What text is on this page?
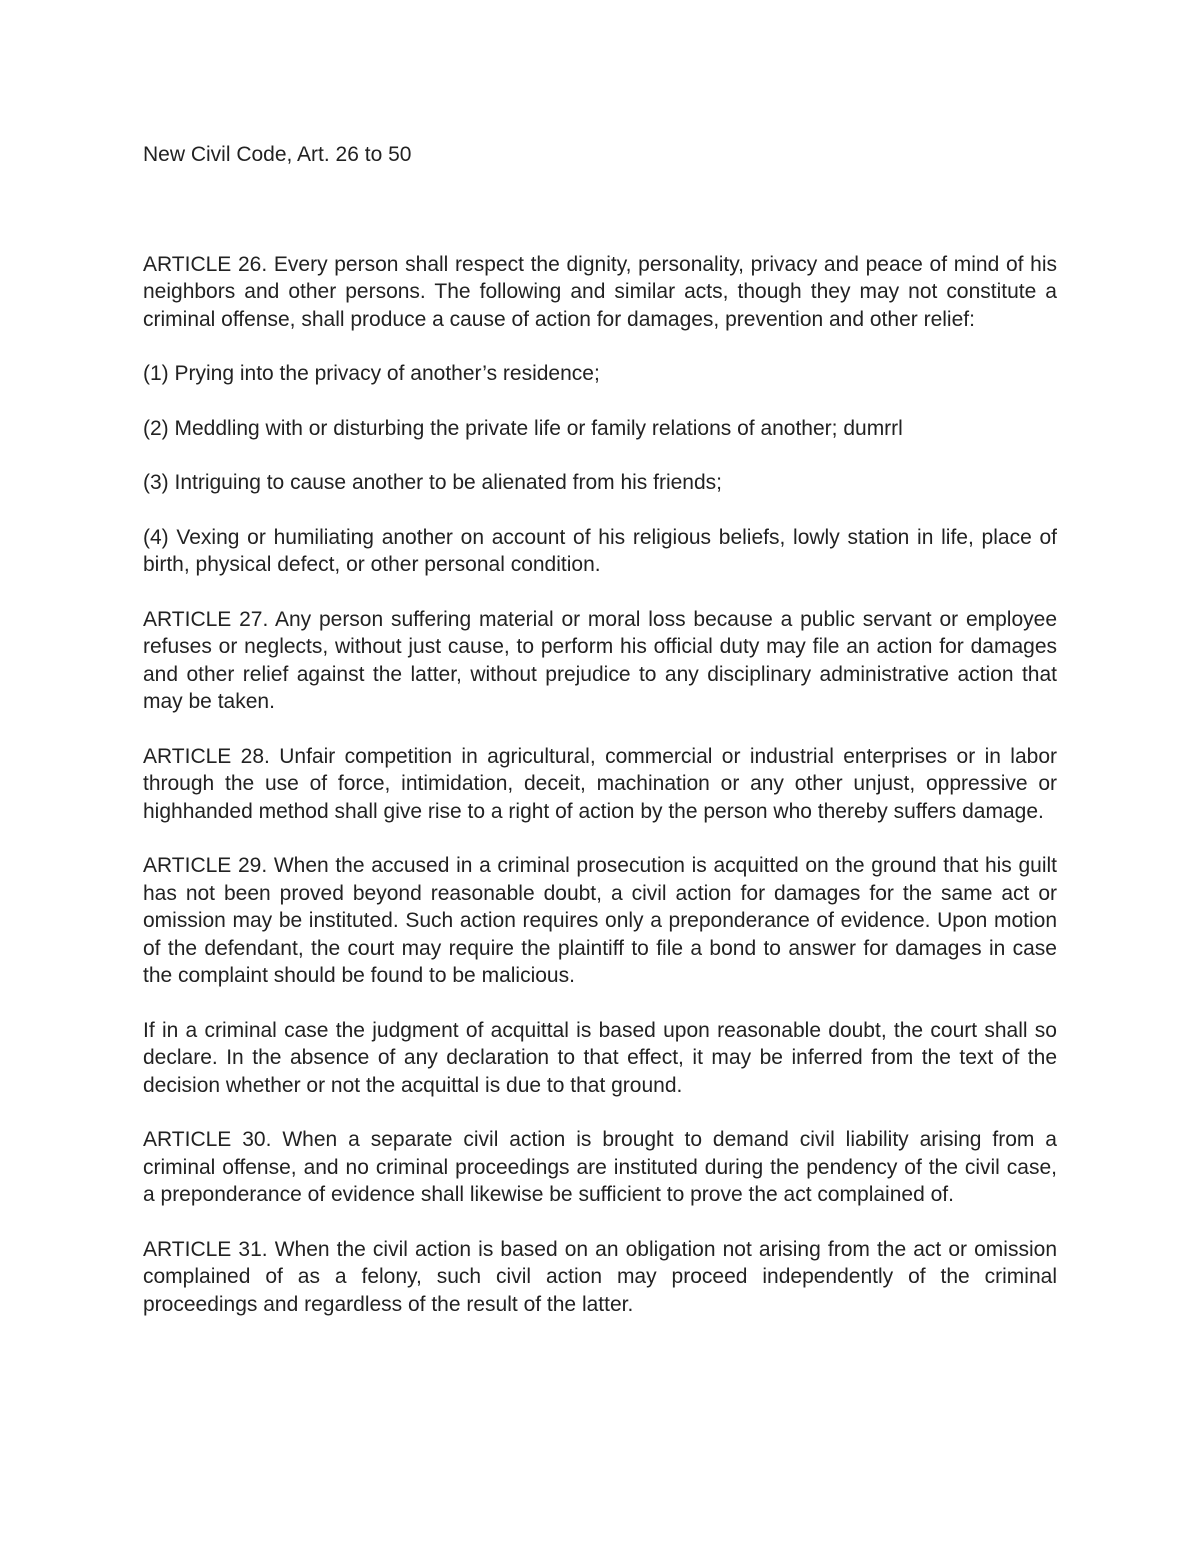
New Civil Code, Art. 26 to 50

ARTICLE 26. Every person shall respect the dignity, personality, privacy and peace of mind of his neighbors and other persons. The following and similar acts, though they may not constitute a criminal offense, shall produce a cause of action for damages, prevention and other relief:

(1) Prying into the privacy of another’s residence;

(2) Meddling with or disturbing the private life or family relations of another; dumrrl

(3) Intriguing to cause another to be alienated from his friends;

(4) Vexing or humiliating another on account of his religious beliefs, lowly station in life, place of birth, physical defect, or other personal condition.

ARTICLE 27. Any person suffering material or moral loss because a public servant or employee refuses or neglects, without just cause, to perform his official duty may file an action for damages and other relief against the latter, without prejudice to any disciplinary administrative action that may be taken.

ARTICLE 28. Unfair competition in agricultural, commercial or industrial enterprises or in labor through the use of force, intimidation, deceit, machination or any other unjust, oppressive or highhanded method shall give rise to a right of action by the person who thereby suffers damage.

ARTICLE 29. When the accused in a criminal prosecution is acquitted on the ground that his guilt has not been proved beyond reasonable doubt, a civil action for damages for the same act or omission may be instituted. Such action requires only a preponderance of evidence. Upon motion of the defendant, the court may require the plaintiff to file a bond to answer for damages in case the complaint should be found to be malicious.

If in a criminal case the judgment of acquittal is based upon reasonable doubt, the court shall so declare. In the absence of any declaration to that effect, it may be inferred from the text of the decision whether or not the acquittal is due to that ground.

ARTICLE 30. When a separate civil action is brought to demand civil liability arising from a criminal offense, and no criminal proceedings are instituted during the pendency of the civil case, a preponderance of evidence shall likewise be sufficient to prove the act complained of.

ARTICLE 31. When the civil action is based on an obligation not arising from the act or omission complained of as a felony, such civil action may proceed independently of the criminal proceedings and regardless of the result of the latter.
